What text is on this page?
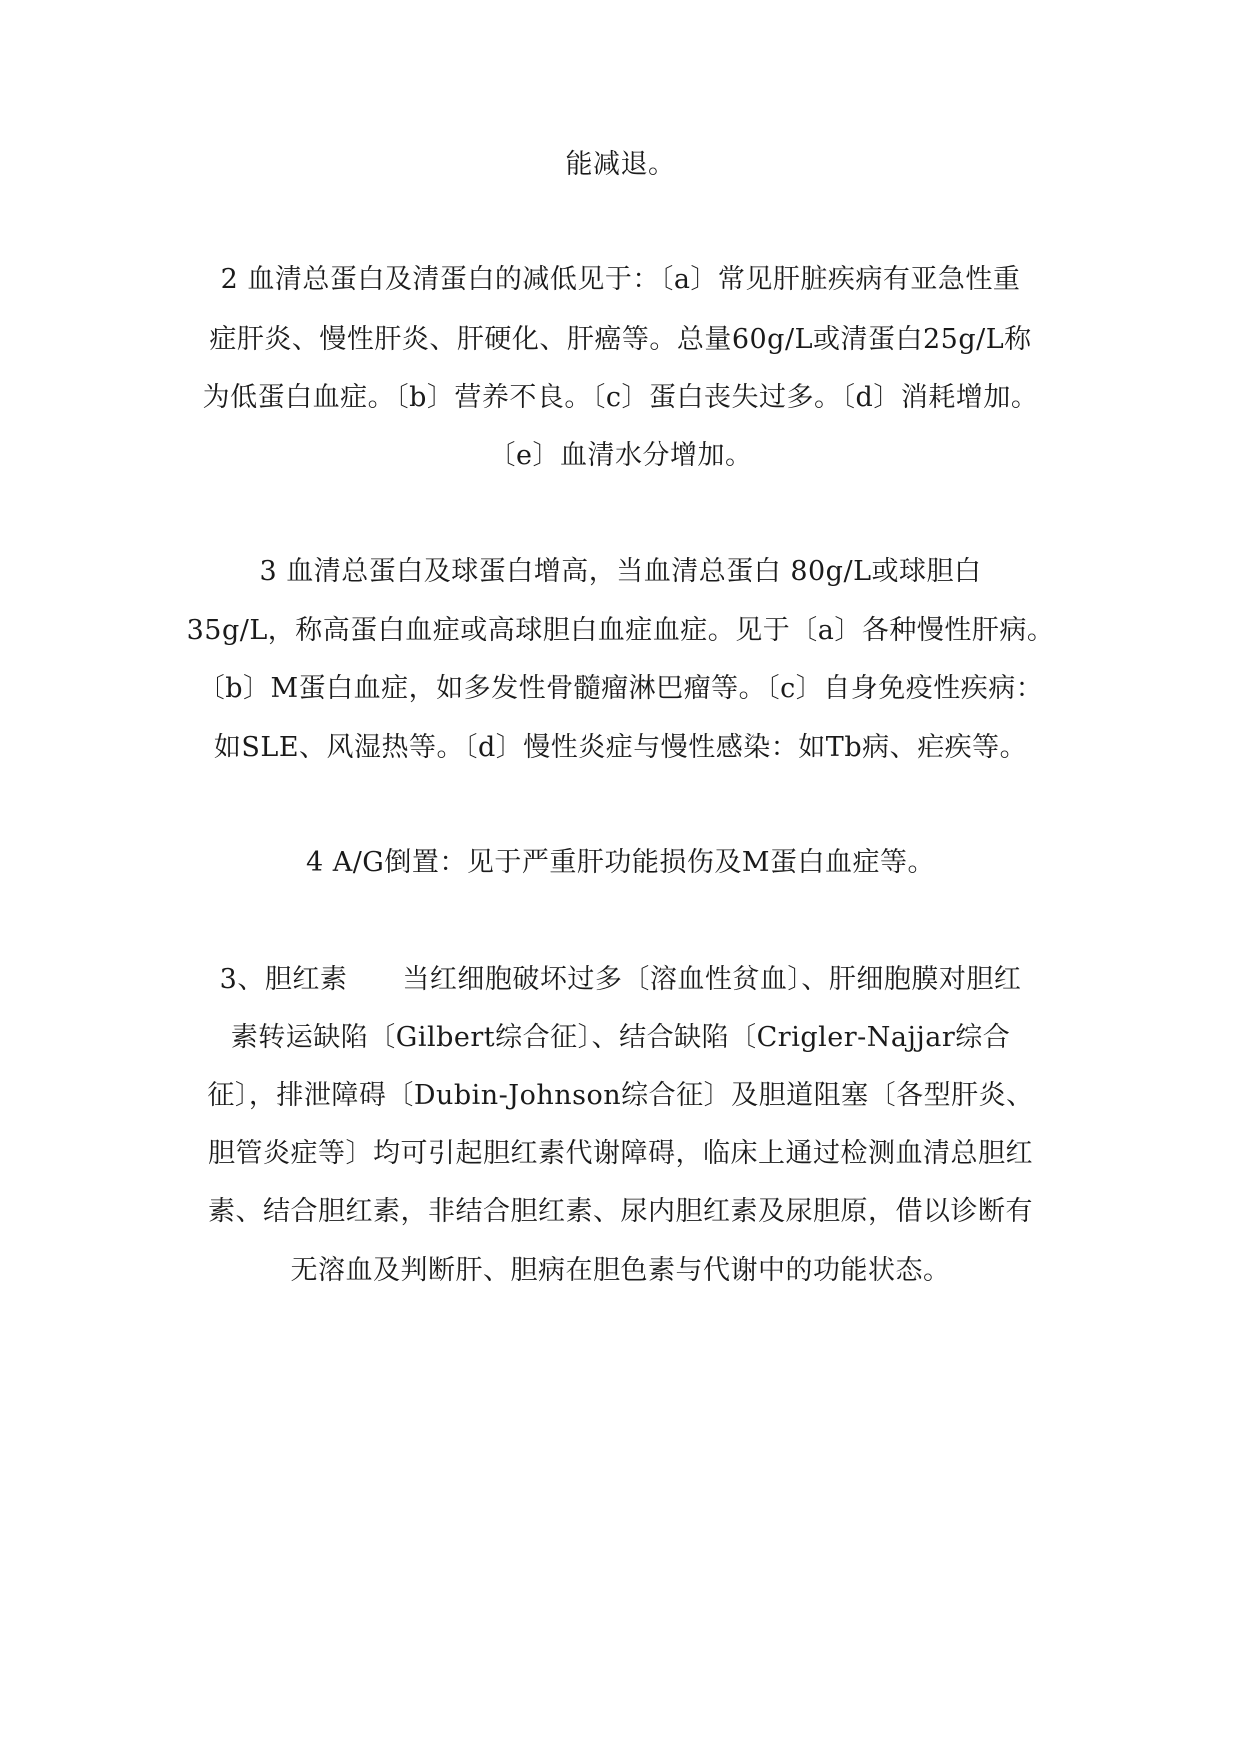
能减退。
2 血清总蛋白及清蛋白的减低见于：〔a〕常见肝脏疾病有亚急性重
症肝炎、慢性肝炎、肝硬化、肝癌等。总量60g/L或清蛋白25g/L称
为低蛋白血症。〔b〕营养不良。〔c〕蛋白丧失过多。〔d〕消耗增加。
〔e〕血清水分增加。
3 血清总蛋白及球蛋白增高，当血清总蛋白 80g/L或球胆白
35g/L，称高蛋白血症或高球胆白血症血症。见于〔a〕各种慢性肝病。
〔b〕M蛋白血症，如多发性骨髓瘤淋巴瘤等。〔c〕自身免疫性疾病：
如SLE、风湿热等。〔d〕慢性炎症与慢性感染：如Tb病、疟疾等。
4 A/G倒置：见于严重肝功能损伤及M蛋白血症等。
3、胆红素　　当红细胞破坏过多〔溶血性贫血〕、肝细胞膜对胆红
素转运缺陷〔Gilbert综合征〕、结合缺陷〔Crigler-Najjar综合
征〕，排泄障碍〔Dubin-Johnson综合征〕及胆道阻塞〔各型肝炎、
胆管炎症等〕均可引起胆红素代谢障碍，临床上通过检测血清总胆红
素、结合胆红素，非结合胆红素、尿内胆红素及尿胆原，借以诊断有
无溶血及判断肝、胆病在胆色素与代谢中的功能状态。
